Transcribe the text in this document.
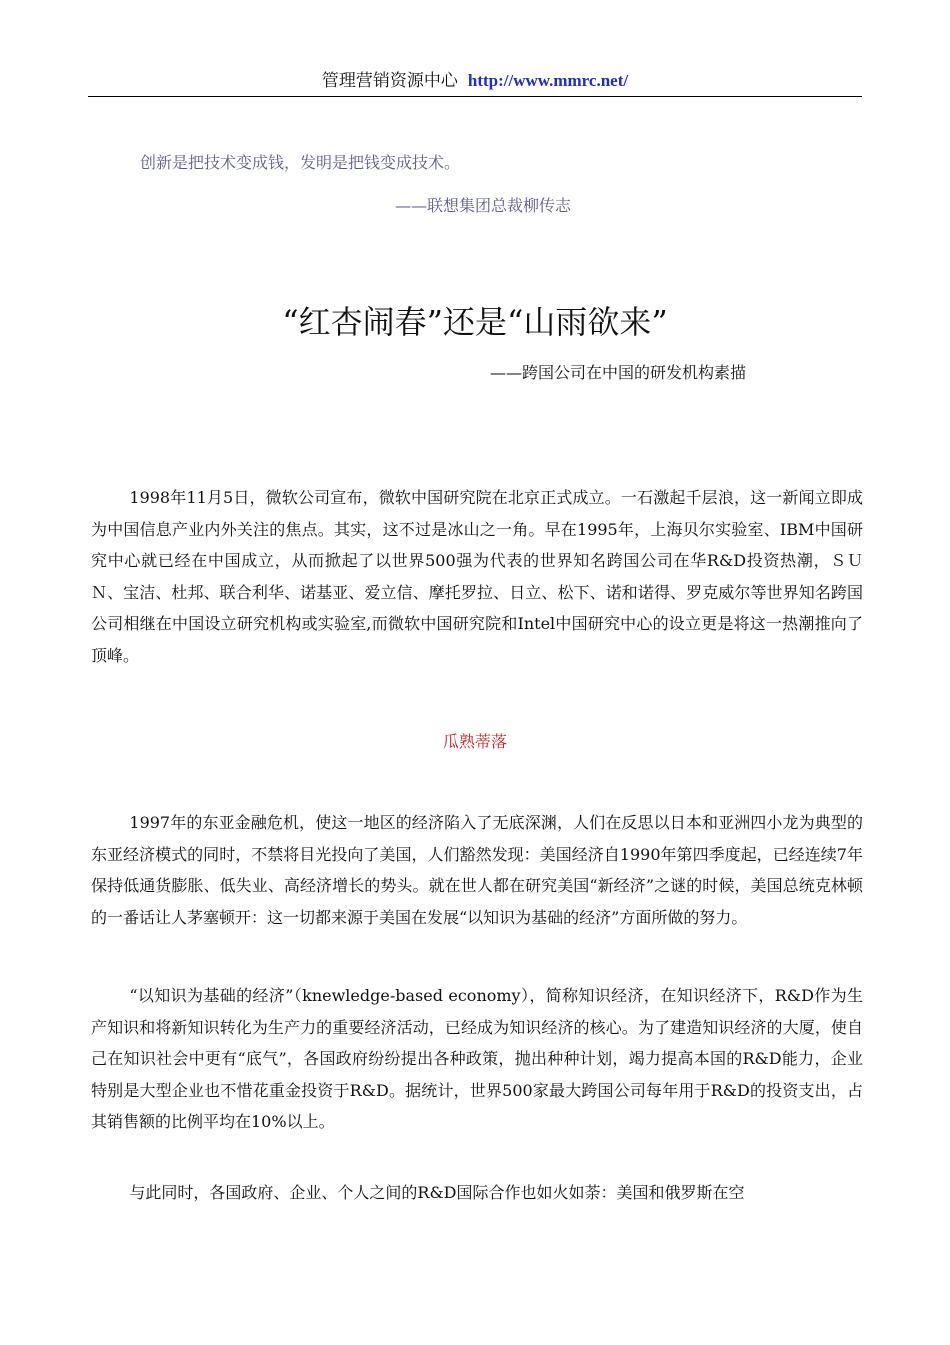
管理营销资源中心 http://www.mmrc.net/
创新是把技术变成钱，发明是把钱变成技术。
——联想集团总裁柳传志
“红杏闹春”还是“山雨欲来”
——跨国公司在中国的研发机构素描

1998年11月5日，微软公司宣布，微软中国研究院在北京正式成立。一石激起千层浪，这一新闻立即成为中国信息产业内外关注的焦点。其实，这不过是冰山之一角。早在1995年，上海贝尔实验室、IBM中国研究中心就已经在中国成立，从而掀起了以世界500强为代表的世界知名跨国公司在华R&D投资热潮，ＳＵＮ、宝洁、杜邦、联合利华、诺基亚、爱立信、摩托罗拉、日立、松下、诺和诺得、罗克威尔等世界知名跨国公司相继在中国设立研究机构或实验室,而微软中国研究院和Intel中国研究中心的设立更是将这一热潮推向了顶峰。

瓜熟蒂落

1997年的东亚金融危机，使这一地区的经济陷入了无底深渊，人们在反思以日本和亚洲四小龙为典型的东亚经济模式的同时，不禁将目光投向了美国，人们豁然发现：美国经济自1990年第四季度起，已经连续7年保持低通货膨胀、低失业、高经济增长的势头。就在世人都在研究美国“新经济”之谜的时候，美国总统克林顿的一番话让人茅塞顿开：这一切都来源于美国在发展“以知识为基础的经济”方面所做的努力。

“以知识为基础的经济”（knewledge-based economy），简称知识经济，在知识经济下，R&D作为生产知识和将新知识转化为生产力的重要经济活动，已经成为知识经济的核心。为了建造知识经济的大厦，使自己在知识社会中更有“底气”，各国政府纷纷提出各种政策，抛出种种计划，竭力提高本国的R&D能力，企业特别是大型企业也不惜花重金投资于R&D。据统计，世界500家最大跨国公司每年用于R&D的投资支出，占其销售额的比例平均在10%以上。

与此同时，各国政府、企业、个人之间的R&D国际合作也如火如荼：美国和俄罗斯在空
